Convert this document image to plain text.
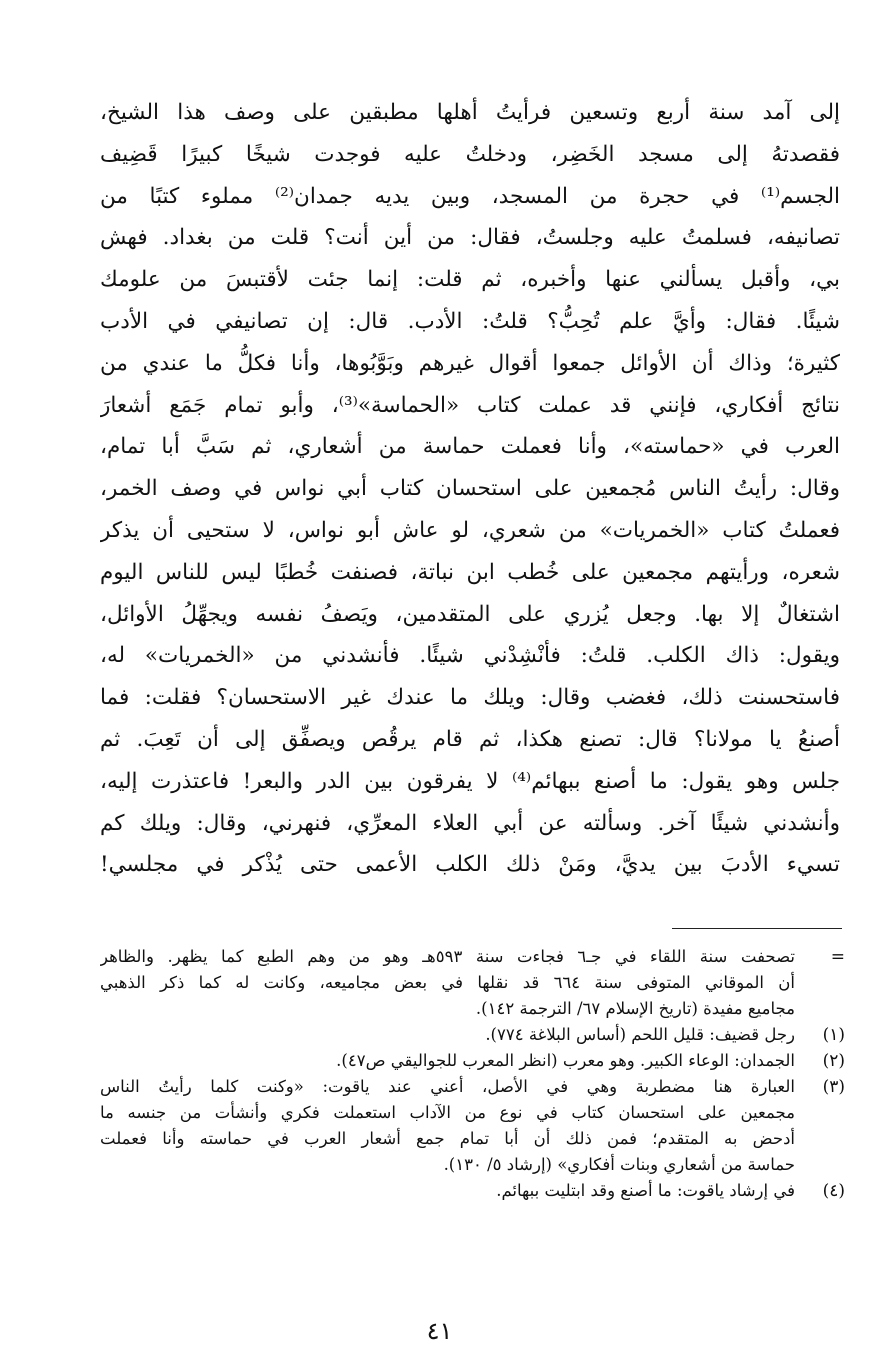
إلى آمد سنة أربع وتسعين فرأيتُ أهلها مطبقين على وصف هذا الشيخ،
فقصدتهُ إلى مسجد الخَضِر، ودخلتُ عليه فوجدت شيخًا كبيرًا قَضِيف
الجسم⁽¹⁾ في حجرة من المسجد، وبين يديه جمدان⁽²⁾ مملوء كتبًا من
تصانيفه، فسلمتُ عليه وجلستُ، فقال: من أين أنت؟ قلت من بغداد. فهش
بي، وأقبل يسألني عنها وأخبره، ثم قلت: إنما جئت لأقتبسَ من علومك
شيئًا. فقال: وأيَّ علم تُحِبُّ؟ قلتُ: الأدب. قال: إن تصانيفي في الأدب
كثيرة؛ وذاك أن الأوائل جمعوا أقوال غيرهم وبَوَّبُوها، وأنا فكلُّ ما عندي من
نتائج أفكاري، فإنني قد عملت كتاب «الحماسة»⁽³⁾، وأبو تمام جَمَع أشعارَ
العرب في «حماسته»، وأنا فعملت حماسة من أشعاري، ثم سَبَّ أبا تمام،
وقال: رأيتُ الناس مُجمعين على استحسان كتاب أبي نواس في وصف الخمر،
فعملتُ كتاب «الخمريات» من شعري، لو عاش أبو نواس، لا ستحيى أن يذكر
شعره، ورأيتهم مجمعين على خُطب ابن نباتة، فصنفت خُطبًا ليس للناس اليوم
اشتغالٌ إلا بها. وجعل يُزري على المتقدمين، ويَصفُ نفسه ويجهِّلُ الأوائل،
ويقول: ذاك الكلب. قلتُ: فأنْشِدْني شيئًا. فأنشدني من «الخمريات» له،
فاستحسنت ذلك، فغضب وقال: ويلك ما عندك غير الاستحسان؟ فقلت: فما
أصنعُ يا مولانا؟ قال: تصنع هكذا، ثم قام يرقُص ويصفِّق إلى أن تَعِبَ. ثم
جلس وهو يقول: ما أصنع ببهائم⁽⁴⁾ لا يفرقون بين الدر والبعر! فاعتذرت إليه،
وأنشدني شيئًا آخر. وسألته عن أبي العلاء المعرِّي، فنهرني، وقال: ويلك كم
تسيء الأدبَ بين يديَّ، ومَنْ ذلك الكلب الأعمى حتى يُذْكر في مجلسي!
=
تصحفت سنة اللقاء في جـ٦ فجاءت سنة ٥٩٣هـ وهو من وهم الطبع كما يظهر. والظاهر
أن الموقاني المتوفى سنة ٦٦٤ قد نقلها في بعض مجاميعه، وكانت له كما ذكر الذهبي
مجاميع مفيدة (تاريخ الإسلام ٦٧/ الترجمة ١٤٢).
(١)
رجل قضيف: قليل اللحم (أساس البلاغة ٧٧٤).
(٢)
الجمدان: الوعاء الكبير. وهو معرب (انظر المعرب للجواليقي ص٤٧).
(٣)
العبارة هنا مضطربة وهي في الأصل، أعني عند ياقوت: «وكنت كلما رأيتُ الناس
مجمعين على استحسان كتاب في نوع من الآداب استعملت فكري وأنشأت من جنسه ما
أدحض به المتقدم؛ فمن ذلك أن أبا تمام جمع أشعار العرب في حماسته وأنا فعملت
حماسة من أشعاري وبنات أفكاري» (إرشاد ٥/ ١٣٠).
(٤)
في إرشاد ياقوت: ما أصنع وقد ابتليت ببهائم.
٤١
